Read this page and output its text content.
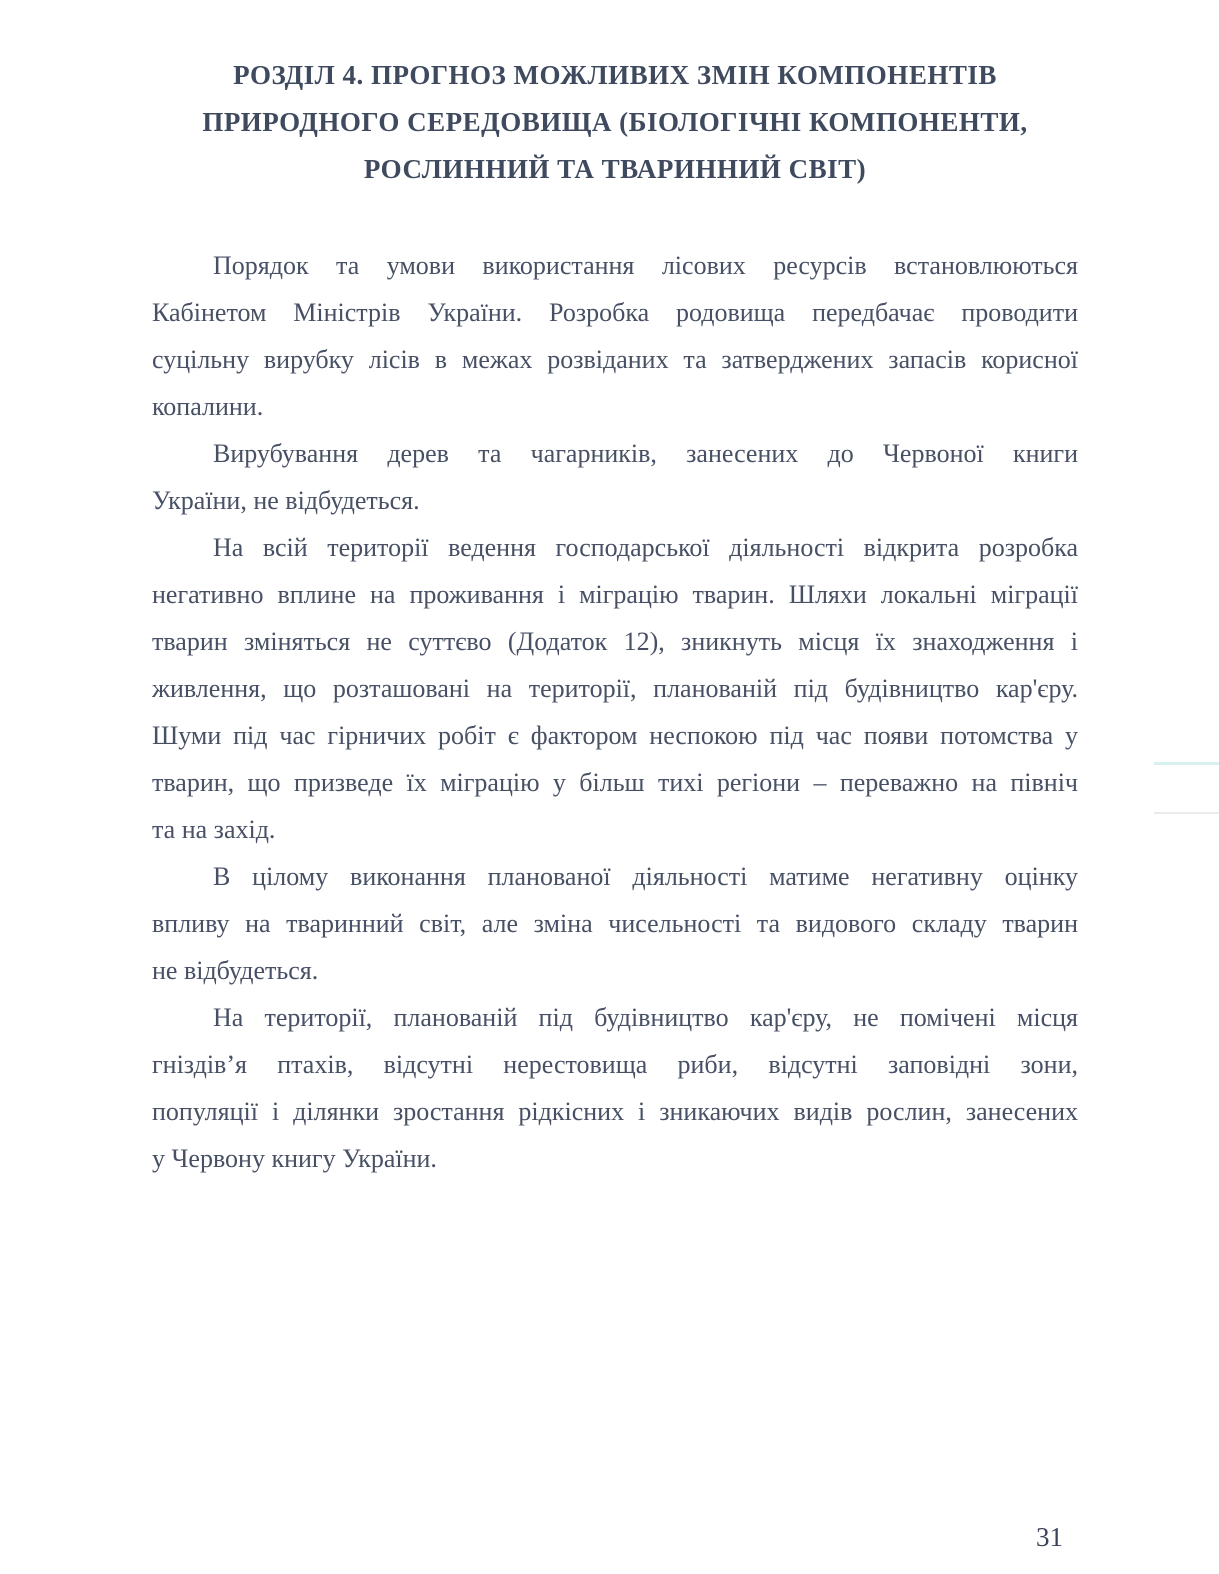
РОЗДІЛ 4. ПРОГНОЗ МОЖЛИВИХ ЗМІН КОМПОНЕНТІВ
ПРИРОДНОГО СЕРЕДОВИЩА (БІОЛОГІЧНІ КОМПОНЕНТИ,
РОСЛИННИЙ ТА ТВАРИННИЙ СВІТ)
Порядок та умови використання лісових ресурсів встановлюються
Кабінетом Міністрів України. Розробка родовища передбачає проводити
суцільну вирубку лісів в межах розвіданих та затверджених запасів корисної
копалини.
Вирубування дерев та чагарників, занесених до Червоної книги
України, не відбудеться.
На всій території ведення господарської діяльності відкрита розробка
негативно вплине на проживання і міграцію тварин. Шляхи локальні міграції
тварин зміняться не суттєво (Додаток 12), зникнуть місця їх знаходження і
живлення, що розташовані на території, планованій під будівництво кар'єру.
Шуми під час гірничих робіт є фактором неспокою під час появи потомства у
тварин, що призведе їх міграцію у більш тихі регіони – переважно на північ
та на захід.
В цілому виконання планованої діяльності матиме негативну оцінку
впливу на тваринний світ, але зміна чисельності та видового складу тварин
не відбудеться.
На території, планованій під будівництво кар'єру, не помічені місця
гніздів’я птахів, відсутні нерестовища риби, відсутні заповідні зони,
популяції і ділянки зростання рідкісних і зникаючих видів рослин, занесених
у Червону книгу України.
31
